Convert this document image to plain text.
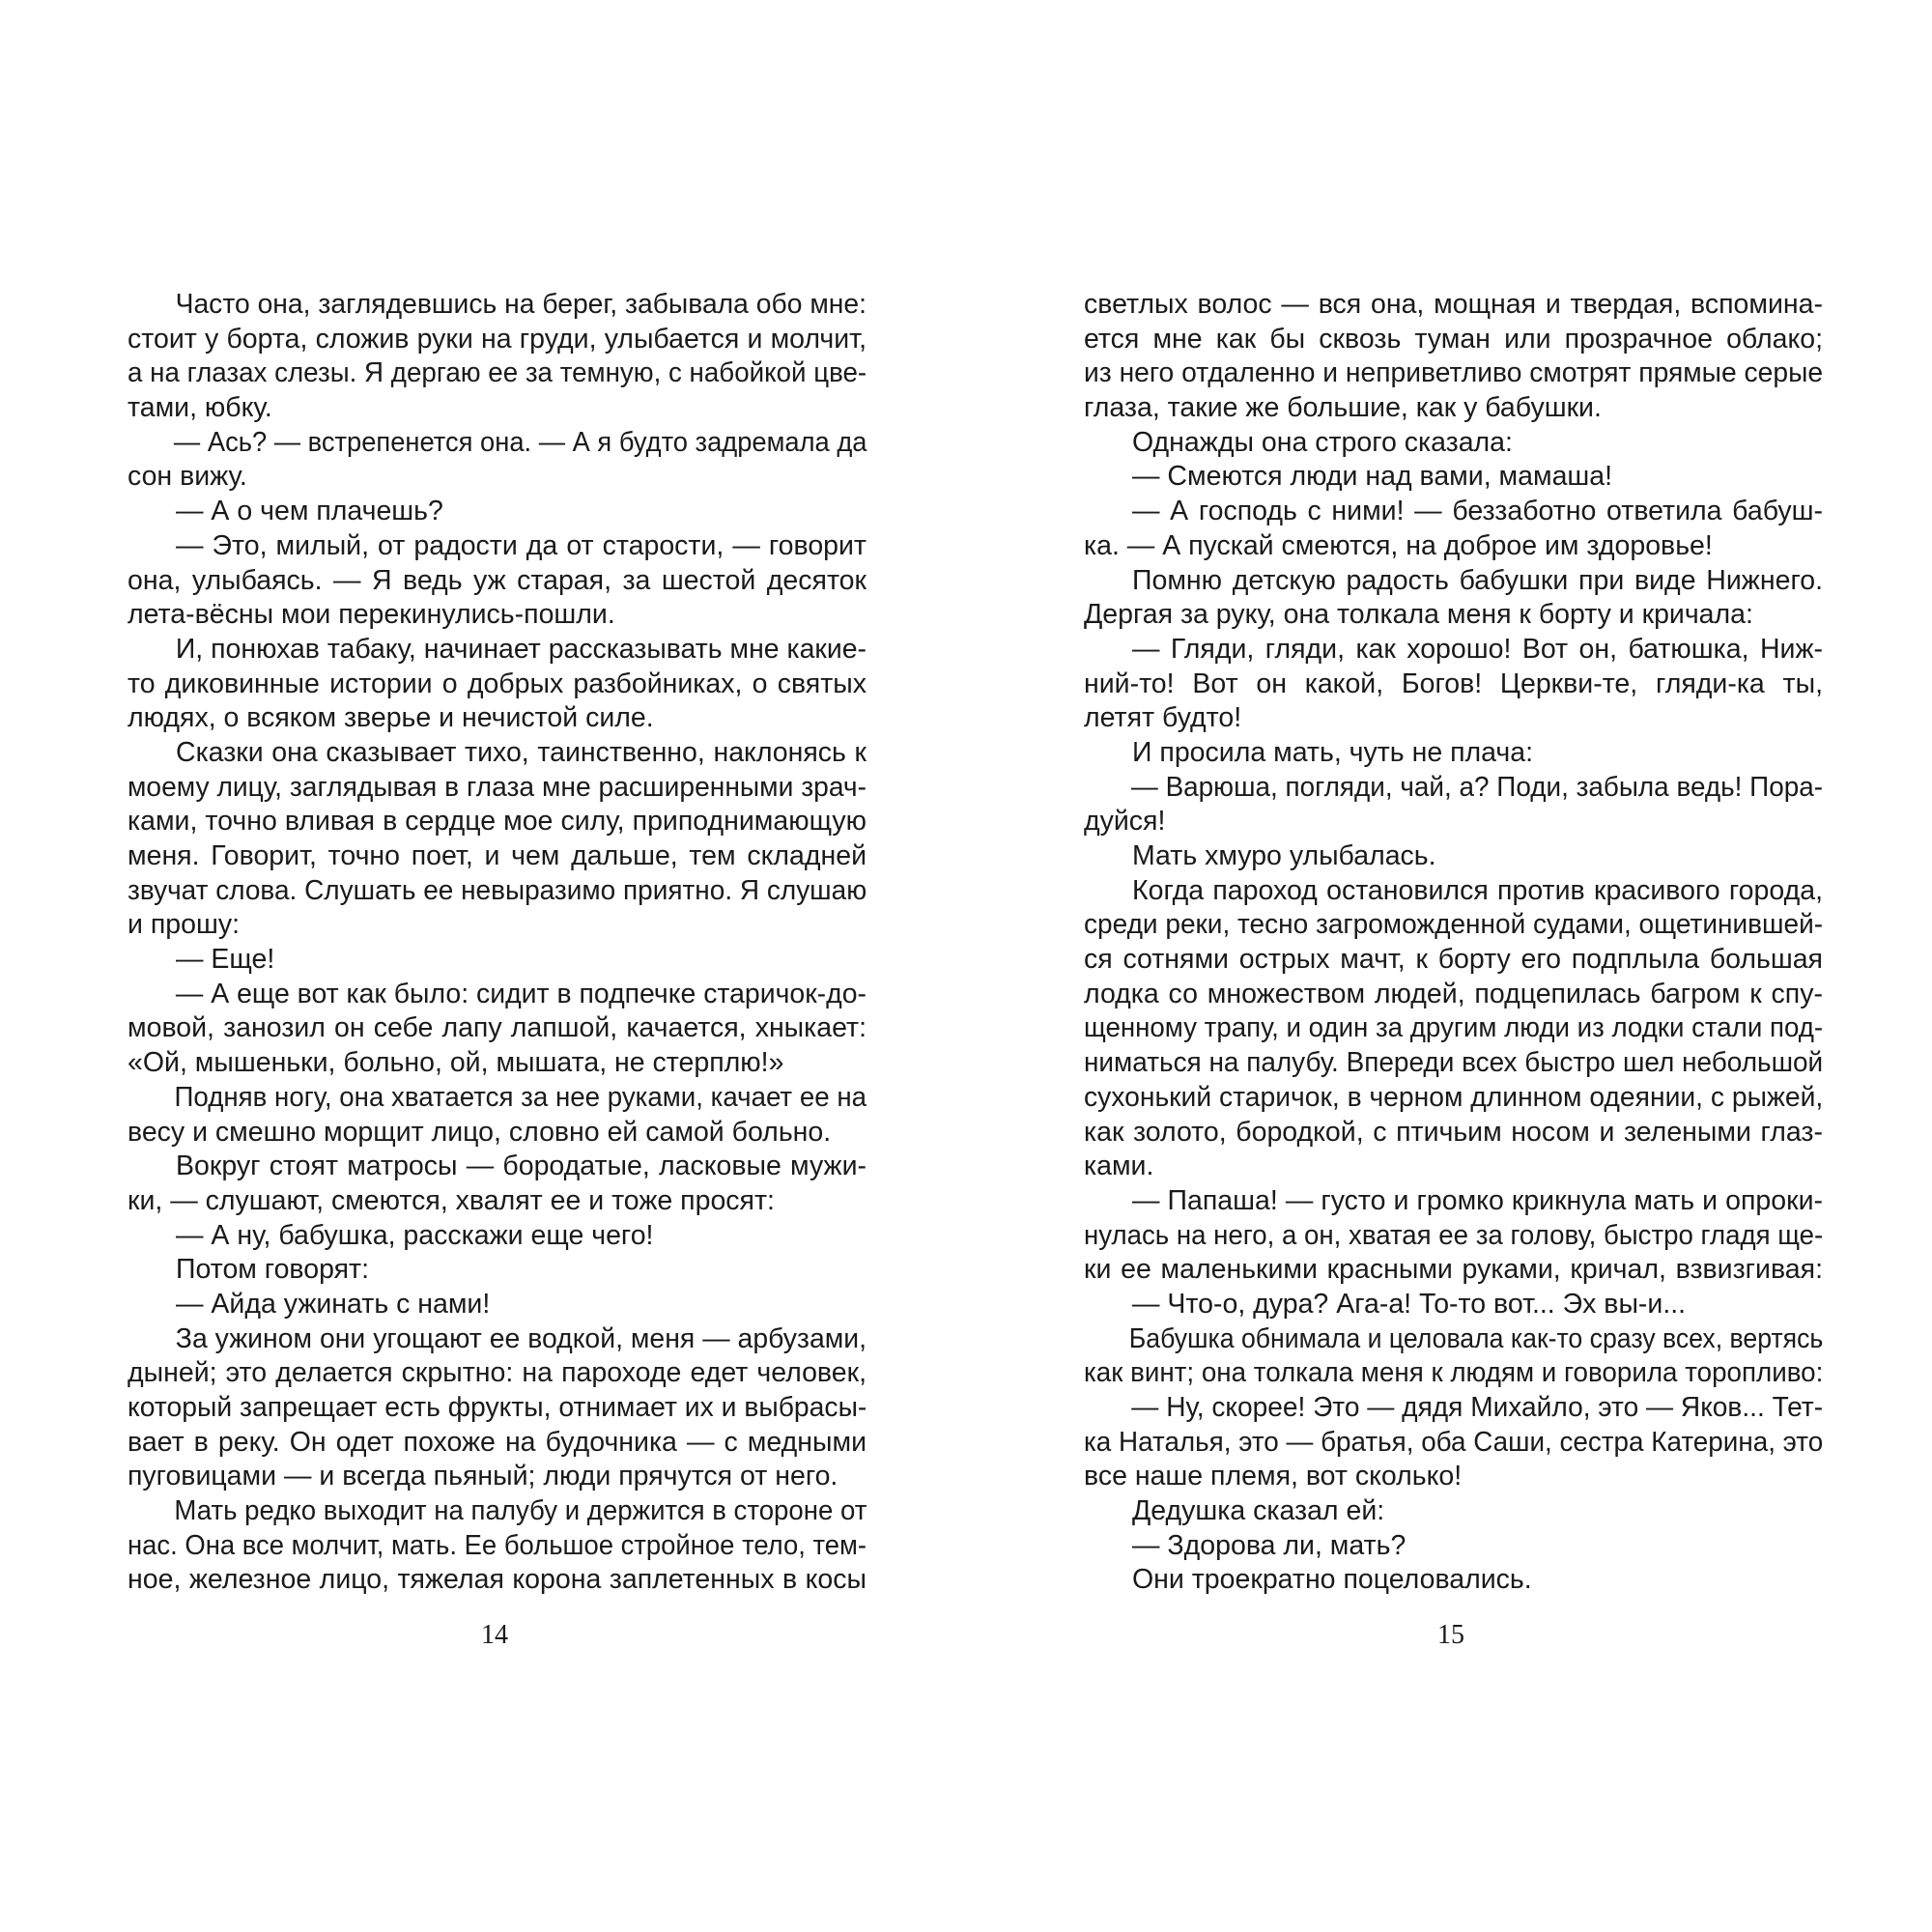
Часто она, заглядевшись на берег, забывала обо мне:
стоит у борта, сложив руки на груди, улыбается и молчит,
а на глазах слезы. Я дергаю ее за темную, с набойкой цве-
тами, юбку.
— Ась? — встрепенется она. — А я будто задремала да
сон вижу.
— А о чем плачешь?
— Это, милый, от радости да от старости, — говорит
она, улыбаясь. — Я ведь уж старая, за шестой десяток
лета-вёсны мои перекинулись-пошли.
И, понюхав табаку, начинает рассказывать мне какие-
то диковинные истории о добрых разбойниках, о святых
людях, о всяком зверье и нечистой силе.
Сказки она сказывает тихо, таинственно, наклонясь к
моему лицу, заглядывая в глаза мне расширенными зрач-
ками, точно вливая в сердце мое силу, приподнимающую
меня. Говорит, точно поет, и чем дальше, тем складней
звучат слова. Слушать ее невыразимо приятно. Я слушаю
и прошу:
— Еще!
— А еще вот как было: сидит в подпечке старичок-до-
мовой, занозил он себе лапу лапшой, качается, хныкает:
«Ой, мышеньки, больно, ой, мышата, не стерплю!»
Подняв ногу, она хватается за нее руками, качает ее на
весу и смешно морщит лицо, словно ей самой больно.
Вокруг стоят матросы — бородатые, ласковые мужи-
ки, — слушают, смеются, хвалят ее и тоже просят:
— А ну, бабушка, расскажи еще чего!
Потом говорят:
— Айда ужинать с нами!
За ужином они угощают ее водкой, меня — арбузами,
дыней; это делается скрытно: на пароходе едет человек,
который запрещает есть фрукты, отнимает их и выбрасы-
вает в реку. Он одет похоже на будочника — с медными
пуговицами — и всегда пьяный; люди прячутся от него.
Мать редко выходит на палубу и держится в стороне от
нас. Она все молчит, мать. Ее большое стройное тело, тем-
ное, железное лицо, тяжелая корона заплетенных в косы
светлых волос — вся она, мощная и твердая, вспомина-
ется мне как бы сквозь туман или прозрачное облако;
из него отдаленно и неприветливо смотрят прямые серые
глаза, такие же большие, как у бабушки.
Однажды она строго сказала:
— Смеются люди над вами, мамаша!
— А господь с ними! — беззаботно ответила бабуш-
ка. — А пускай смеются, на доброе им здоровье!
Помню детскую радость бабушки при виде Нижнего.
Дергая за руку, она толкала меня к борту и кричала:
— Гляди, гляди, как хорошо! Вот он, батюшка, Ниж-
ний-то! Вот он какой, Богов! Церкви-те, гляди-ка ты,
летят будто!
И просила мать, чуть не плача:
— Варюша, погляди, чай, а? Поди, забыла ведь! Пора-
дуйся!
Мать хмуро улыбалась.
Когда пароход остановился против красивого города,
среди реки, тесно загроможденной судами, ощетинившей-
ся сотнями острых мачт, к борту его подплыла большая
лодка со множеством людей, подцепилась багром к спу-
щенному трапу, и один за другим люди из лодки стали под-
ниматься на палубу. Впереди всех быстро шел небольшой
сухонький старичок, в черном длинном одеянии, с рыжей,
как золото, бородкой, с птичьим носом и зелеными глаз-
ками.
— Папаша! — густо и громко крикнула мать и опроки-
нулась на него, а он, хватая ее за голову, быстро гладя ще-
ки ее маленькими красными руками, кричал, взвизгивая:
— Что-о, дура? Ага-а! То-то вот... Эх вы-и...
Бабушка обнимала и целовала как-то сразу всех, вертясь
как винт; она толкала меня к людям и говорила торопливо:
— Ну, скорее! Это — дядя Михайло, это — Яков... Тет-
ка Наталья, это — братья, оба Саши, сестра Катерина, это
все наше племя, вот сколько!
Дедушка сказал ей:
— Здорова ли, мать?
Они троекратно поцеловались.
14	15
